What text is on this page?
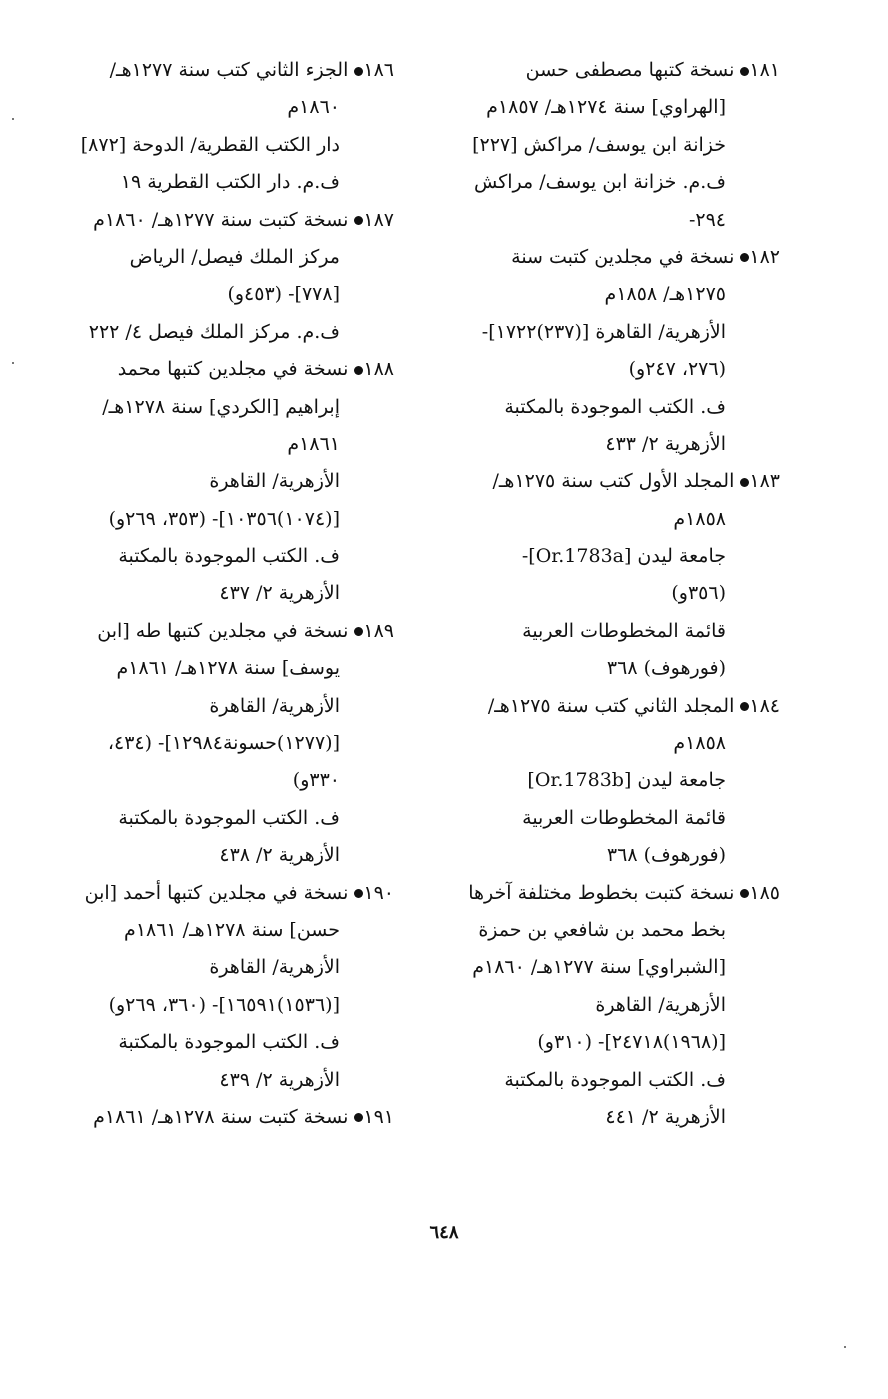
١٨١نسخة كتبها مصطفى حسن
[الهراوي] سنة ١٢٧٤هـ/ ١٨٥٧م
خزانة ابن يوسف/ مراكش [٢٢٧]
ف.م. خزانة ابن يوسف/ مراكش
٢٩٤-
١٨٢نسخة في مجلدين كتبت سنة
١٢٧٥هـ/ ١٨٥٨م
الأزهرية/ القاهرة [(٢٣٧)١٧٢٢]-
(٢٧٦، ٢٤٧و)
ف. الكتب الموجودة بالمكتبة
الأزهرية ٢/ ٤٣٣
١٨٣المجلد الأول كتب سنة ١٢٧٥هـ/
١٨٥٨م
جامعة ليدن [Or.1783a]-
(٣٥٦و)
قائمة المخطوطات العربية
(فورهوف) ٣٦٨
١٨٤المجلد الثاني كتب سنة ١٢٧٥هـ/
١٨٥٨م
جامعة ليدن [Or.1783b]
قائمة المخطوطات العربية
(فورهوف) ٣٦٨
١٨٥نسخة كتبت بخطوط مختلفة آخرها
بخط محمد بن شافعي بن حمزة
[الشبراوي] سنة ١٢٧٧هـ/ ١٨٦٠م
الأزهرية/ القاهرة
[(١٩٦٨)٢٤٧١٨]- (٣١٠و)
ف. الكتب الموجودة بالمكتبة
الأزهرية ٢/ ٤٤١
١٨٦الجزء الثاني كتب سنة ١٢٧٧هـ/
١٨٦٠م
دار الكتب القطرية/ الدوحة [٨٧٢]
ف.م. دار الكتب القطرية ١٩
١٨٧نسخة كتبت سنة ١٢٧٧هـ/ ١٨٦٠م
مركز الملك فيصل/ الرياض
[٧٧٨]- (٤٥٣و)
ف.م. مركز الملك فيصل ٤/ ٢٢٢
١٨٨نسخة في مجلدين كتبها محمد
إبراهيم [الكردي] سنة ١٢٧٨هـ/
١٨٦١م
الأزهرية/ القاهرة
[(١٠٧٤)١٠٣٥٦]- (٣٥٣، ٢٦٩و)
ف. الكتب الموجودة بالمكتبة
الأزهرية ٢/ ٤٣٧
١٨٩نسخة في مجلدين كتبها طه [ابن
يوسف] سنة ١٢٧٨هـ/ ١٨٦١م
الأزهرية/ القاهرة
[(١٢٧٧)حسونة١٢٩٨٤]- (٤٣٤،
٣٣٠و)
ف. الكتب الموجودة بالمكتبة
الأزهرية ٢/ ٤٣٨
١٩٠نسخة في مجلدين كتبها أحمد [ابن
حسن] سنة ١٢٧٨هـ/ ١٨٦١م
الأزهرية/ القاهرة
[(١٥٣٦)١٦٥٩١]- (٣٦٠، ٢٦٩و)
ف. الكتب الموجودة بالمكتبة
الأزهرية ٢/ ٤٣٩
١٩١نسخة كتبت سنة ١٢٧٨هـ/ ١٨٦١م
٦٤٨
